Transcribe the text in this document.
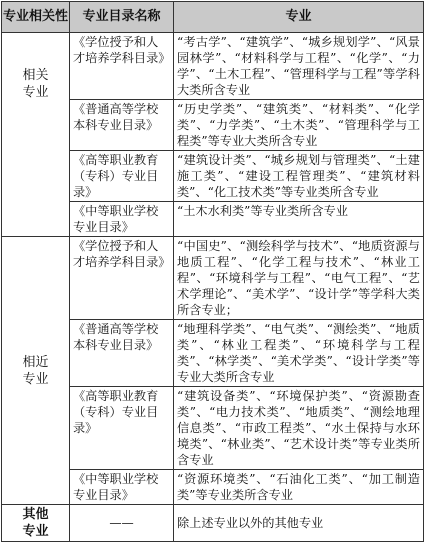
专业相关性	专业目录名称	专业

相关
专业	《学位授予和人才培养学科目录》	“考古学”、“建筑学”、“城乡规划学”、“风景园林学”、“材料科学与工程”、“化学”、“力学”、“土木工程”、“管理科学与工程”等学科大类所含专业
	《普通高等学校本科专业目录》	“历史学类”、“建筑类”、“材料类”、“化学类”、“力学类”、“土木类”、“管理科学与工程类”等专业大类所含专业
	《高等职业教育（专科）专业目录》	“建筑设计类”、“城乡规划与管理类”、“土建施工类”、“建设工程管理类”、“建筑材料类”、“化工技术类”等专业类所含专业
	《中等职业学校专业目录》	“土木水利类”等专业类所含专业

相近
专业	《学位授予和人才培养学科目录》	“中国史”、“测绘科学与技术”、“地质资源与地质工程”、“化学工程与技术”、“林业工程”、“环境科学与工程”、“电气工程”、“艺术学理论”、“美术学”、“设计学”等学科大类所含专业；
	《普通高等学校本科专业目录》	“地理科学类”、“电气类”、“测绘类”、“地质类”、“林业工程类”、“环境科学与工程类”、“林学类”、“美术学类”、“设计学类”等专业大类所含专业
	《高等职业教育（专科）专业目录》	“建筑设备类”、“环境保护类”、“资源勘查类”、“电力技术类”、“地质类”、“测绘地理信息类”、“市政工程类”、“水土保持与水环境类”、“林业类”、“艺术设计类”等专业类所含专业
	《中等职业学校专业目录》	“资源环境类”、“石油化工类”、“加工制造类”等专业类所含专业

其他
专业	——	除上述专业以外的其他专业
